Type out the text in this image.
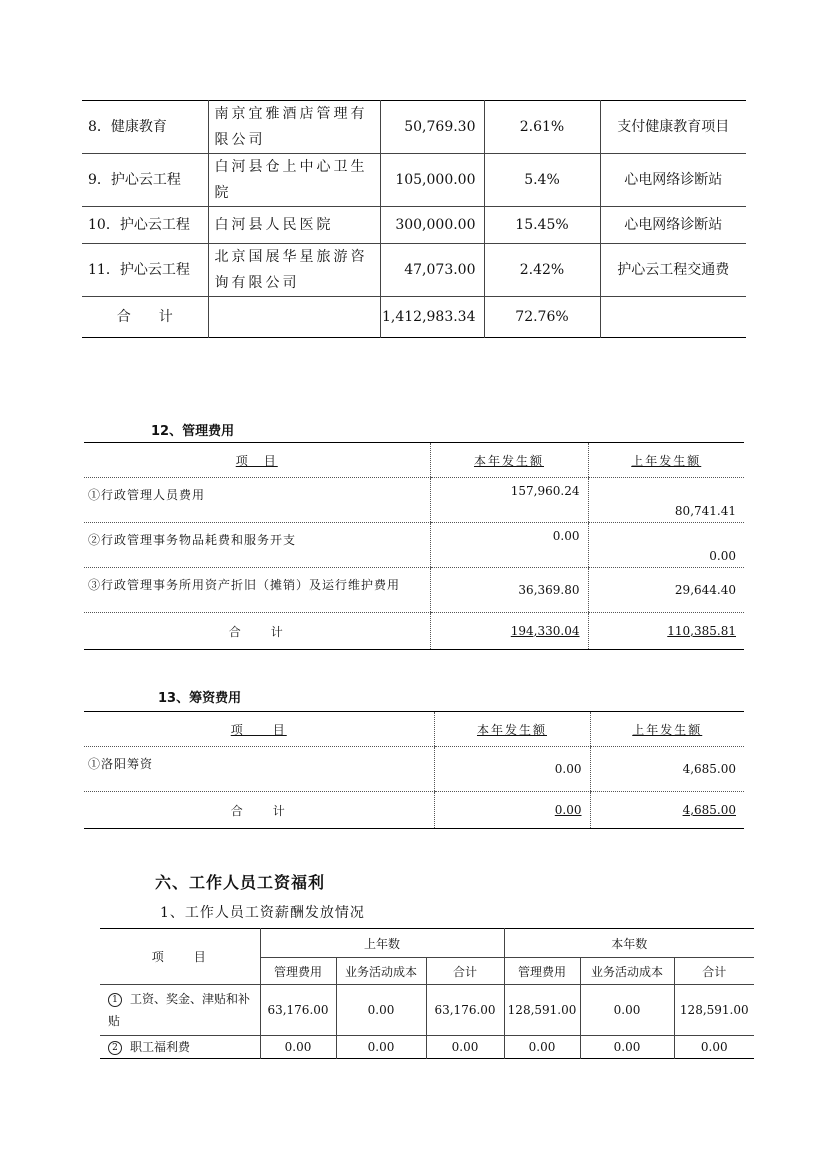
8．健康教育	南京宜雅酒店管理有限公司	50,769.30	2.61%	支付健康教育项目
9．护心云工程	白河县仓上中心卫生院	105,000.00	5.4%	心电网络诊断站
10．护心云工程	白河县人民医院	300,000.00	15.45%	心电网络诊断站
11．护心云工程	北京国展华星旅游咨询有限公司	47,073.00	2.42%	护心云工程交通费
合　　计		1,412,983.34	72.76%	
12、管理费用
项　目	本年发生额	上年发生额
①行政管理人员费用	157,960.24	80,741.41
②行政管理事务物品耗费和服务开支	0.00	0.00
③行政管理事务所用资产折旧（摊销）及运行维护费用	36,369.80	29,644.40
合　　计	194,330.04	110,385.81
13、筹资费用
项　　目	本年发生额	上年发生额
①洛阳筹资	0.00	4,685.00
合　　计	0.00	4,685.00
六、工作人员工资福利
1、工作人员工资薪酬发放情况
项　　目	上年数			本年数		
	管理费用	业务活动成本	合计	管理费用	业务活动成本	合计
1 工资、奖金、津贴和补贴	63,176.00	0.00	63,176.00	128,591.00	0.00	128,591.00
2 职工福利费	0.00	0.00	0.00	0.00	0.00	0.00
